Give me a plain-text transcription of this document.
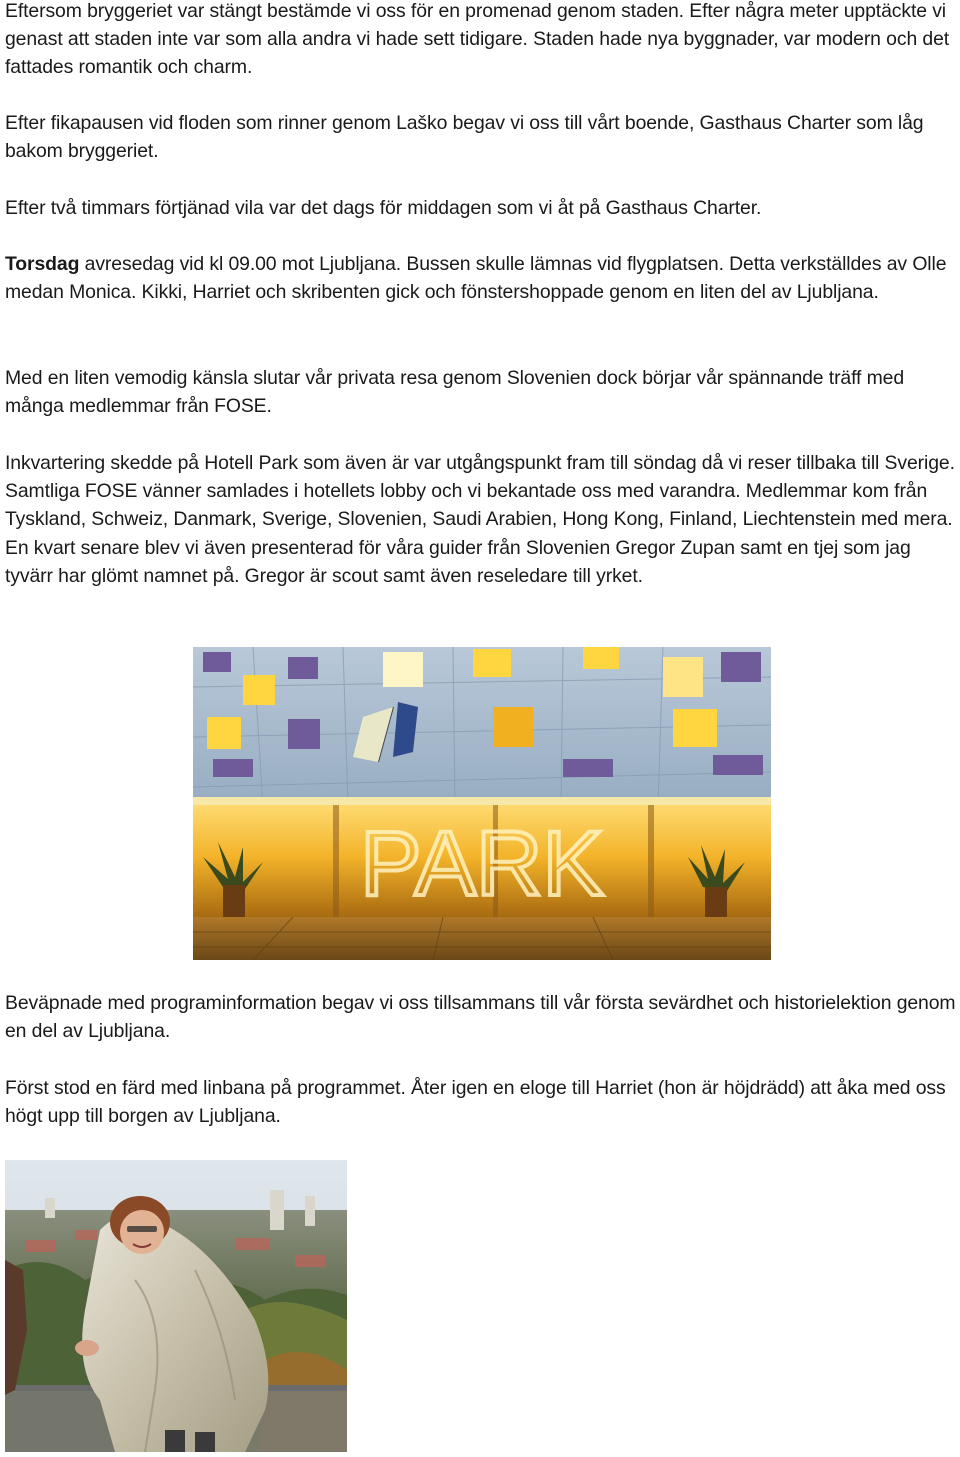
Eftersom bryggeriet var stängt bestämde vi oss för en promenad genom staden. Efter några meter upptäckte vi genast att staden inte var som alla andra vi hade sett tidigare. Staden hade nya byggnader, var modern och det fattades romantik och charm.

Efter fikapausen vid floden som rinner genom Laško begav vi oss till vårt boende, Gasthaus Charter som låg bakom bryggeriet.

Efter två timmars förtjänad vila var det dags för middagen som vi åt på Gasthaus Charter.

Torsdag avresedag vid kl 09.00 mot Ljubljana. Bussen skulle lämnas vid flygplatsen. Detta verkställdes av Olle medan Monica. Kikki, Harriet och skribenten gick och fönstershoppade genom en liten del av Ljubljana.

Med en liten vemodig känsla slutar vår privata resa genom Slovenien dock börjar vår spännande träff med många medlemmar från FOSE.

Inkvartering skedde på Hotell Park som även är var utgångspunkt fram till söndag då vi reser tillbaka till Sverige. Samtliga FOSE vänner samlades i hotellets lobby och vi bekantade oss med varandra. Medlemmar kom från Tyskland, Schweiz, Danmark, Sverige, Slovenien, Saudi Arabien, Hong Kong, Finland, Liechtenstein med mera. En kvart senare blev vi även presenterad för våra guider från Slovenien Gregor Zupan samt en tjej som jag tyvärr har glömt namnet på. Gregor är scout samt även reseledare till yrket.

PARK

Beväpnade med programinformation begav vi oss tillsammans till vår första sevärdhet och historielektion genom en del av Ljubljana.

Först stod en färd med linbana på programmet. Åter igen en eloge till Harriet (hon är höjdrädd) att åka med oss högt upp till borgen av Ljubljana.
